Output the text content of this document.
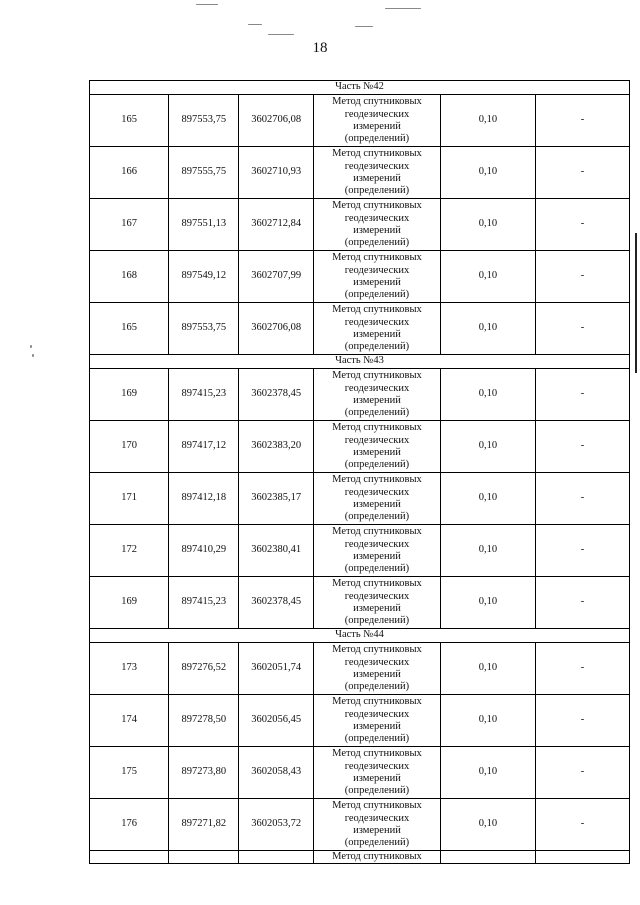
18
Часть №42					
165	897553,75	3602706,08	Метод спутниковых
геодезических
измерений
(определений)	0,10	-
166	897555,75	3602710,93	Метод спутниковых
геодезических
измерений
(определений)	0,10	-
167	897551,13	3602712,84	Метод спутниковых
геодезических
измерений
(определений)	0,10	-
168	897549,12	3602707,99	Метод спутниковых
геодезических
измерений
(определений)	0,10	-
165	897553,75	3602706,08	Метод спутниковых
геодезических
измерений
(определений)	0,10	-
Часть №43					
169	897415,23	3602378,45	Метод спутниковых
геодезических
измерений
(определений)	0,10	-
170	897417,12	3602383,20	Метод спутниковых
геодезических
измерений
(определений)	0,10	-
171	897412,18	3602385,17	Метод спутниковых
геодезических
измерений
(определений)	0,10	-
172	897410,29	3602380,41	Метод спутниковых
геодезических
измерений
(определений)	0,10	-
169	897415,23	3602378,45	Метод спутниковых
геодезических
измерений
(определений)	0,10	-
Часть №44					
173	897276,52	3602051,74	Метод спутниковых
геодезических
измерений
(определений)	0,10	-
174	897278,50	3602056,45	Метод спутниковых
геодезических
измерений
(определений)	0,10	-
175	897273,80	3602058,43	Метод спутниковых
геодезических
измерений
(определений)	0,10	-
176	897271,82	3602053,72	Метод спутниковых
геодезических
измерений
(определений)	0,10	-
			Метод спутниковых		
